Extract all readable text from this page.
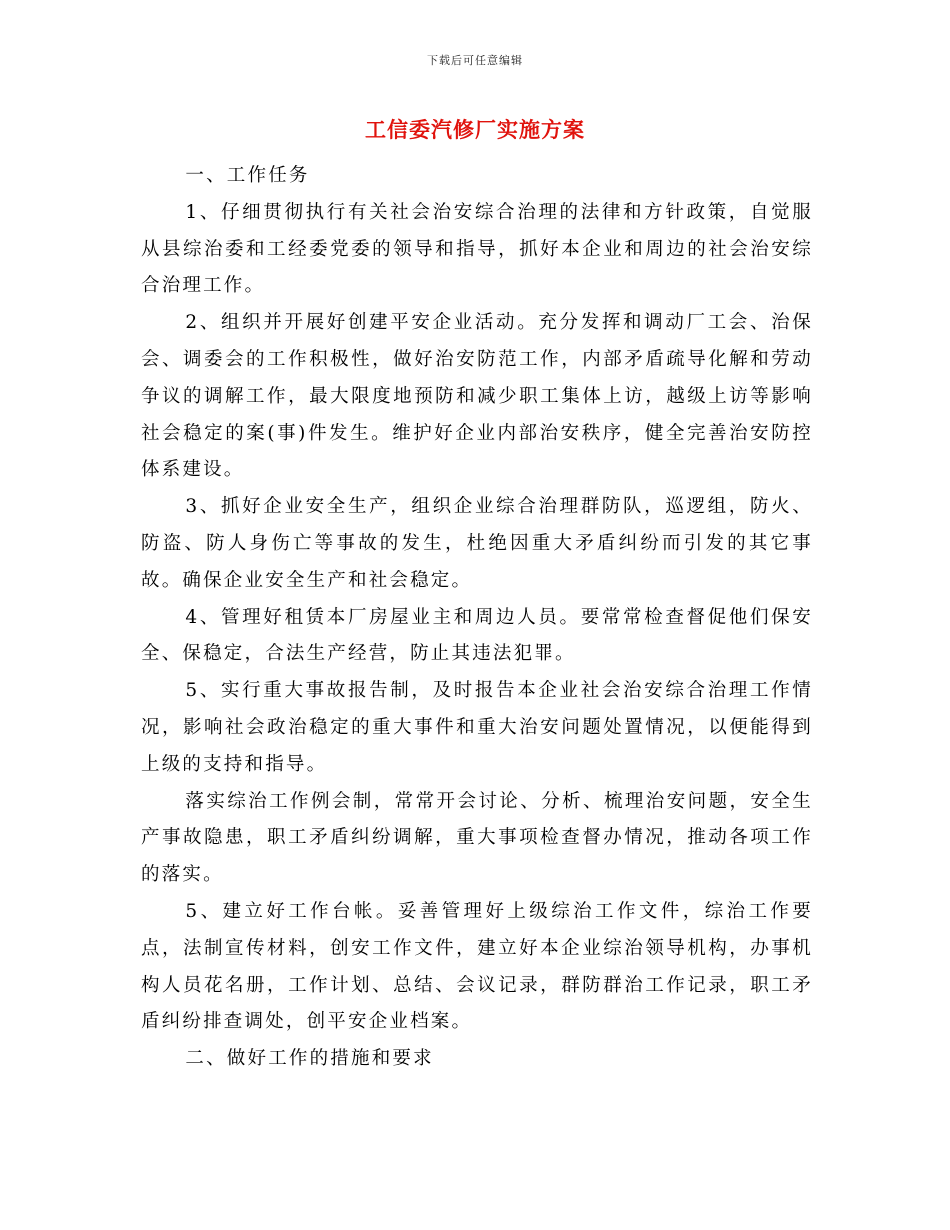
下载后可任意编辑
工信委汽修厂实施方案

一、工作任务

1、仔细贯彻执行有关社会治安综合治理的法律和方针政策，自觉服从县综治委和工经委党委的领导和指导，抓好本企业和周边的社会治安综合治理工作。

2、组织并开展好创建平安企业活动。充分发挥和调动厂工会、治保会、调委会的工作积极性，做好治安防范工作，内部矛盾疏导化解和劳动争议的调解工作，最大限度地预防和减少职工集体上访，越级上访等影响社会稳定的案(事)件发生。维护好企业内部治安秩序，健全完善治安防控体系建设。

3、抓好企业安全生产，组织企业综合治理群防队，巡逻组，防火、防盗、防人身伤亡等事故的发生，杜绝因重大矛盾纠纷而引发的其它事故。确保企业安全生产和社会稳定。

4、管理好租赁本厂房屋业主和周边人员。要常常检查督促他们保安全、保稳定，合法生产经营，防止其违法犯罪。

5、实行重大事故报告制，及时报告本企业社会治安综合治理工作情况，影响社会政治稳定的重大事件和重大治安问题处置情况，以便能得到上级的支持和指导。

落实综治工作例会制，常常开会讨论、分析、梳理治安问题，安全生产事故隐患，职工矛盾纠纷调解，重大事项检查督办情况，推动各项工作的落实。

5、建立好工作台帐。妥善管理好上级综治工作文件，综治工作要点，法制宣传材料，创安工作文件，建立好本企业综治领导机构，办事机构人员花名册，工作计划、总结、会议记录，群防群治工作记录，职工矛盾纠纷排查调处，创平安企业档案。

二、做好工作的措施和要求
